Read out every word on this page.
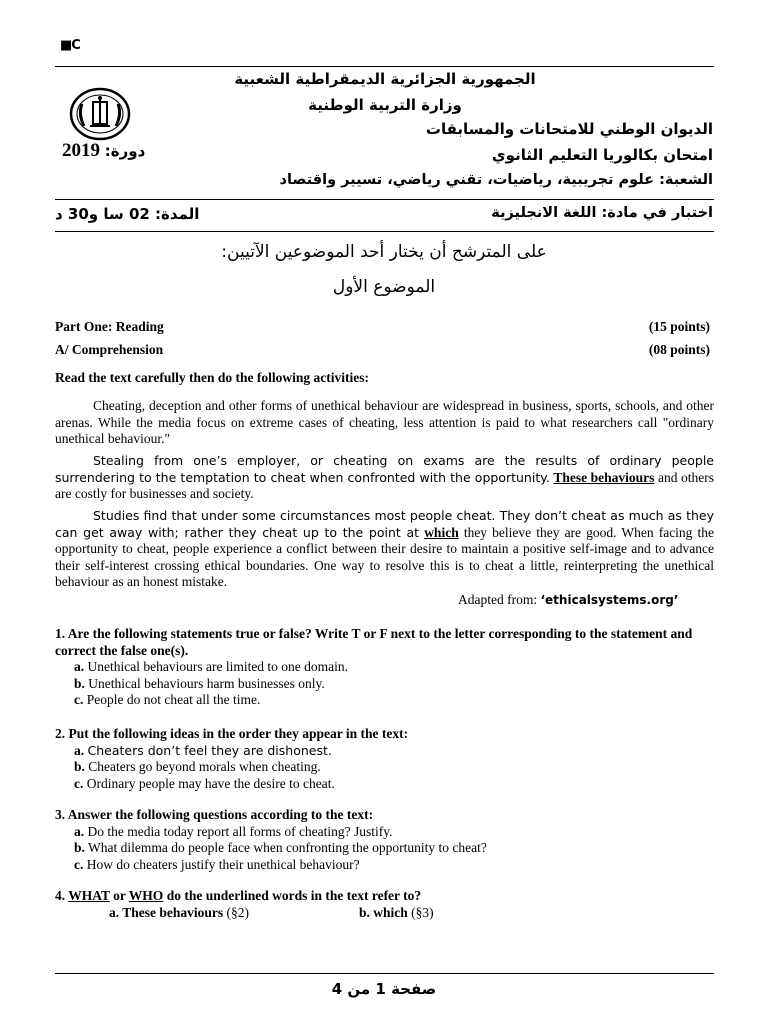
■C
الجمهورية الجزائرية الديمقراطية الشعبية
وزارة التربية الوطنية
الديوان الوطني للامتحانات والمسابقات
امتحان بكالوريا التعليم الثانوي
دورة: 2019
الشعبة: علوم تجريبية، رياضيات، تقني رياضي، تسيير واقتصاد
اختبار في مادة: اللغة الانجليزية
المدة: 02 سا و30 د
على المترشح أن يختار أحد الموضوعين الآتيين:
الموضوع الأول
Part One: Reading	(15 points)
A/ Comprehension	(08 points)
Read the text carefully then do the following activities:
Cheating, deception and other forms of unethical behaviour are widespread in business, sports, schools, and other arenas. While the media focus on extreme cases of cheating, less attention is paid to what researchers call "ordinary unethical behaviour."
Stealing from one’s employer, or cheating on exams are the results of ordinary people surrendering to the temptation to cheat when confronted with the opportunity. These behaviours and others are costly for businesses and society.
Studies find that under some circumstances most people cheat. They don’t cheat as much as they can get away with; rather they cheat up to the point at which they believe they are good. When facing the opportunity to cheat, people experience a conflict between their desire to maintain a positive self-image and to advance their self-interest crossing ethical boundaries. One way to resolve this is to cheat a little, reinterpreting the unethical behaviour as an honest mistake.
Adapted from: ‘ethicalsystems.org’
1. Are the following statements true or false? Write T or F next to the letter corresponding to the statement and correct the false one(s).
a. Unethical behaviours are limited to one domain.
b. Unethical behaviours harm businesses only.
c. People do not cheat all the time.
2. Put the following ideas in the order they appear in the text:
a. Cheaters don’t feel they are dishonest.
b. Cheaters go beyond morals when cheating.
c. Ordinary people may have the desire to cheat.
3. Answer the following questions according to the text:
a. Do the media today report all forms of cheating? Justify.
b. What dilemma do people face when confronting the opportunity to cheat?
c. How do cheaters justify their unethical behaviour?
4. WHAT or WHO do the underlined words in the text refer to?
a. These behaviours (§2)	b. which (§3)
صفحة 1 من 4
